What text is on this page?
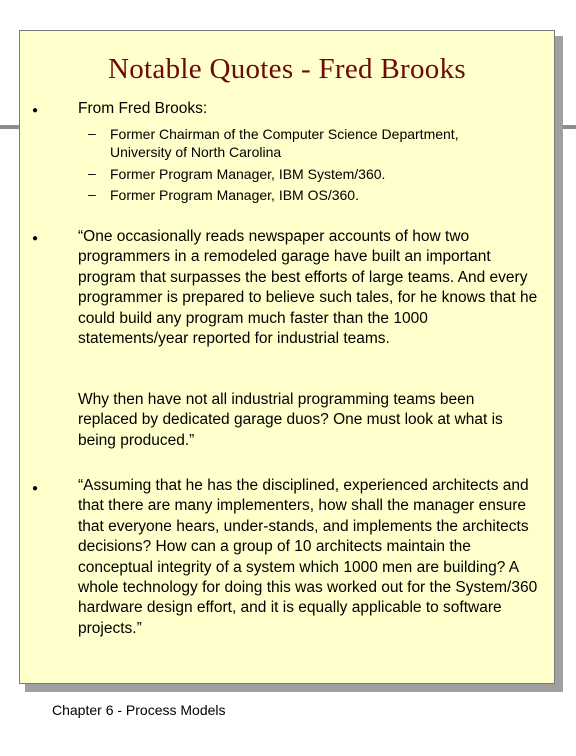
Notable Quotes - Fred Brooks
●	From Fred Brooks:

– Former Chairman of the Computer Science Department, University of North Carolina

– Former Program Manager, IBM System/360.

– Former Program Manager, IBM OS/360.

●	“One occasionally reads newspaper accounts of how two programmers in a remodeled garage have built an important program that surpasses the best efforts of large teams. And every programmer is prepared to believe such tales, for he knows that he could build any program much faster than the 1000 statements/year reported for industrial teams.

Why then have not all industrial programming teams been replaced by dedicated garage duos? One must look at what is being produced.”

●	“Assuming that he has the disciplined, experienced architects and that there are many implementers, how shall the manager ensure that everyone hears, under-stands, and implements the architects decisions? How can a group of 10 architects maintain the conceptual integrity of a system which 1000 men are building? A whole technology for doing this was worked out for the System/360 hardware design effort, and it is equally applicable to software projects.”

Chapter 6 - Process Models
